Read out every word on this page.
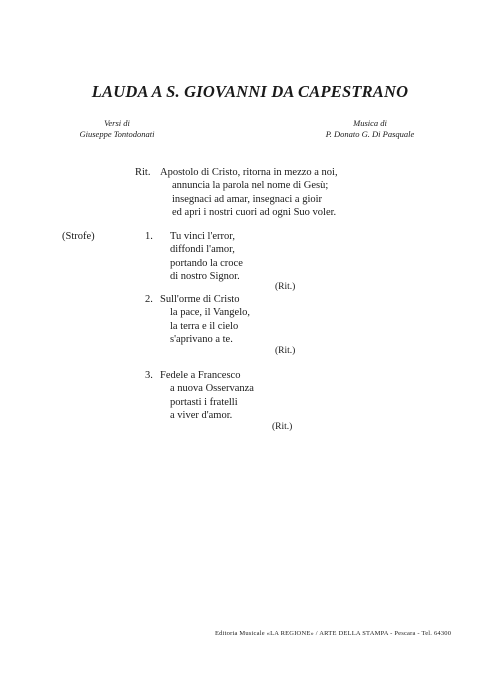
LAUDA A S. GIOVANNI DA CAPESTRANO
Versi di
Giuseppe Tontodonati
Musica di
P. Donato G. Di Pasquale
Rit. Apostolo di Cristo, ritorna in mezzo a noi,
annuncia la parola nel nome di Gesù;
insegnaci ad amar, insegnaci a gioir
ed apri i nostri cuori ad ogni Suo voler.
(Strofe)	1. Tu vinci l'error,
diffondi l'amor,
portando la croce
di nostro Signor.
(Rit.)
2. Sull'orme di Cristo
la pace, il Vangelo,
la terra e il cielo
s'aprivano a te.
(Rit.)
3. Fedele a Francesco
a nuova Osservanza
portasti i fratelli
a viver d'amor.
(Rit.)
Editoria Musicale «LA REGIONE» / ARTE DELLA STAMPA - Pescara - Tel. 64300
